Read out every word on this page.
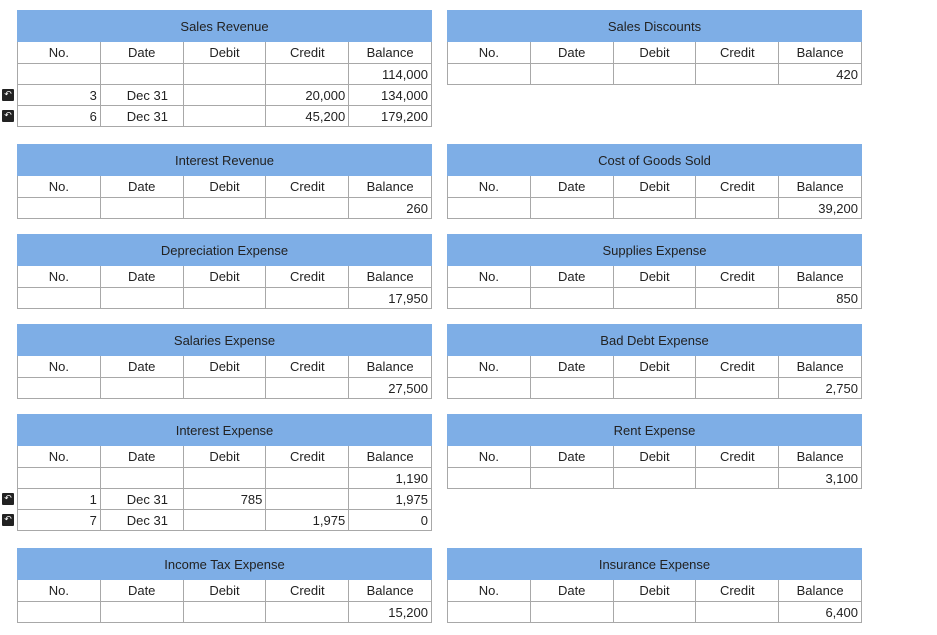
Sales Revenue				
No.	Date	Debit	Credit	Balance
				114,000

↶ 3	Dec 31		20,000	134,000

↶ 6	Dec 31		45,200	179,200
Sales Discounts				
No.	Date	Debit	Credit	Balance
				420
Interest Revenue				
No.	Date	Debit	Credit	Balance
				260
Cost of Goods Sold				
No.	Date	Debit	Credit	Balance
				39,200
Depreciation Expense				
No.	Date	Debit	Credit	Balance
				17,950
Supplies Expense				
No.	Date	Debit	Credit	Balance
				850
Salaries Expense				
No.	Date	Debit	Credit	Balance
				27,500
Bad Debt Expense				
No.	Date	Debit	Credit	Balance
				2,750
Interest Expense				
No.	Date	Debit	Credit	Balance
				1,190

↶ 1	Dec 31	785		1,975

↶ 7	Dec 31		1,975	0
Rent Expense				
No.	Date	Debit	Credit	Balance
				3,100
Income Tax Expense				
No.	Date	Debit	Credit	Balance
				15,200
Insurance Expense				
No.	Date	Debit	Credit	Balance
				6,400
